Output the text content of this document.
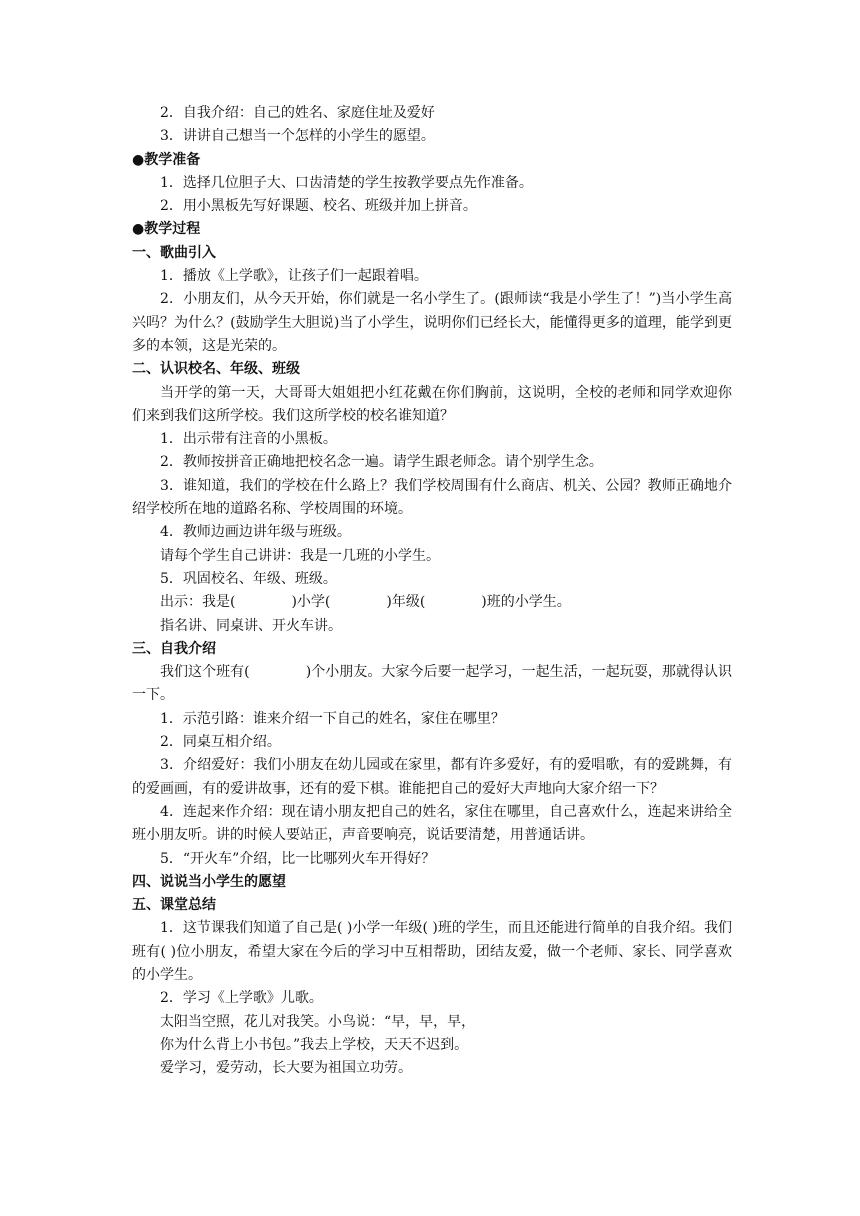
2．自我介绍：自己的姓名、家庭住址及爱好

3．讲讲自己想当一个怎样的小学生的愿望。

●教学准备

1．选择几位胆子大、口齿清楚的学生按教学要点先作准备。

2．用小黑板先写好课题、校名、班级并加上拼音。

●教学过程

一、歌曲引入

1．播放《上学歌》，让孩子们一起跟着唱。

2．小朋友们，从今天开始，你们就是一名小学生了。(跟师读“我是小学生了！”)当小学生高兴吗？为什么？(鼓励学生大胆说)当了小学生，说明你们已经长大，能懂得更多的道理，能学到更多的本领，这是光荣的。

二、认识校名、年级、班级

当开学的第一天，大哥哥大姐姐把小红花戴在你们胸前，这说明，全校的老师和同学欢迎你们来到我们这所学校。我们这所学校的校名谁知道？

1．出示带有注音的小黑板。

2．教师按拼音正确地把校名念一遍。请学生跟老师念。请个别学生念。

3．谁知道，我们的学校在什么路上？我们学校周围有什么商店、机关、公园？教师正确地介绍学校所在地的道路名称、学校周围的环境。

4．教师边画边讲年级与班级。

请每个学生自己讲讲：我是一几班的小学生。

5．巩固校名、年级、班级。

出示：我是(　　　　)小学(　　　　)年级(　　　　)班的小学生。

指名讲、同桌讲、开火车讲。

三、自我介绍

我们这个班有(　　　　)个小朋友。大家今后要一起学习，一起生活，一起玩耍，那就得认识一下。

1．示范引路：谁来介绍一下自己的姓名，家住在哪里？

2．同桌互相介绍。

3．介绍爱好：我们小朋友在幼儿园或在家里，都有许多爱好，有的爱唱歌，有的爱跳舞，有的爱画画，有的爱讲故事，还有的爱下棋。谁能把自己的爱好大声地向大家介绍一下？

4．连起来作介绍：现在请小朋友把自己的姓名，家住在哪里，自己喜欢什么，连起来讲给全班小朋友听。讲的时候人要站正，声音要响亮，说话要清楚，用普通话讲。

5．“开火车”介绍，比一比哪列火车开得好？

四、说说当小学生的愿望

五、课堂总结

1．这节课我们知道了自己是( )小学一年级( )班的学生，而且还能进行简单的自我介绍。我们班有( )位小朋友，希望大家在今后的学习中互相帮助，团结友爱，做一个老师、家长、同学喜欢的小学生。

2．学习《上学歌》儿歌。

太阳当空照，花儿对我笑。小鸟说：“早，早，早，

你为什么背上小书包。”我去上学校，天天不迟到。

爱学习，爱劳动，长大要为祖国立功劳。
